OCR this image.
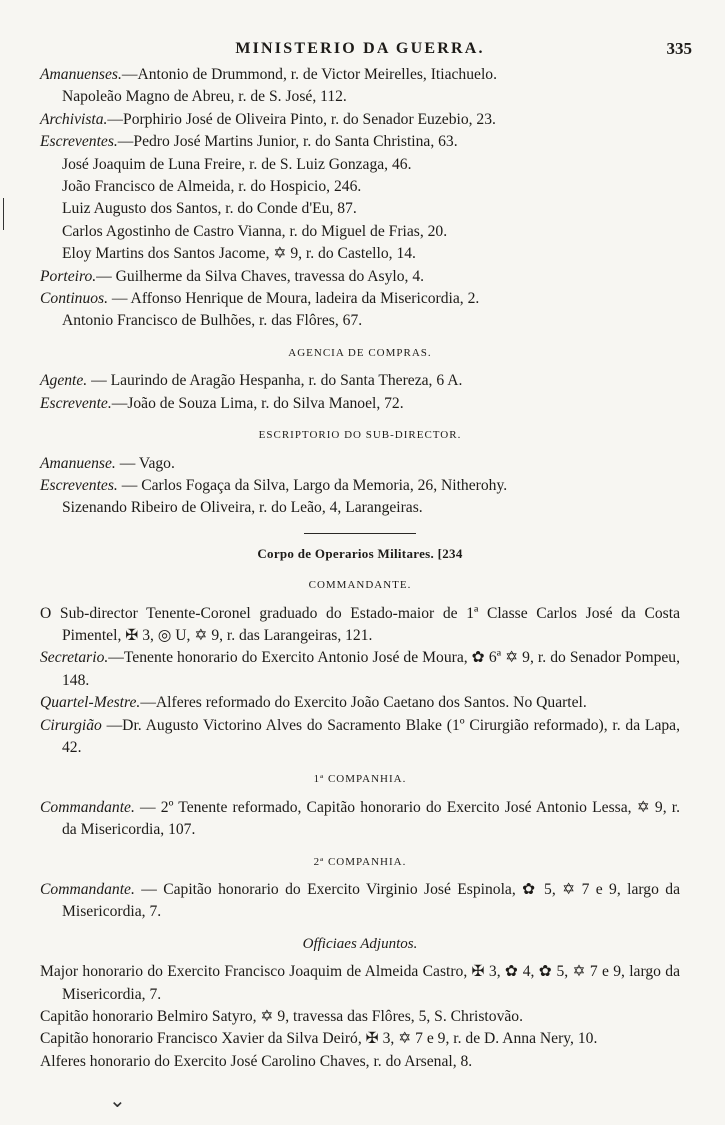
MINISTERIO DA GUERRA.	335
Amanuenses.—Antonio de Drummond, r. de Victor Meirelles, Itiachuelo.
Napoleão Magno de Abreu, r. de S. José, 112.
Archivista.—Porphirio José de Oliveira Pinto, r. do Senador Euzebio, 23.
Escreventes.—Pedro José Martins Junior, r. do Santa Christina, 63.
José Joaquim de Luna Freire, r. de S. Luiz Gonzaga, 46.
João Francisco de Almeida, r. do Hospicio, 246.
Luiz Augusto dos Santos, r. do Conde d'Eu, 87.
Carlos Agostinho de Castro Vianna, r. do Miguel de Frias, 20.
Eloy Martins dos Santos Jacome, ✡ 9, r. do Castello, 14.
Porteiro.— Guilherme da Silva Chaves, travessa do Asylo, 4.
Continuos. — Affonso Henrique de Moura, ladeira da Misericordia, 2.
Antonio Francisco de Bulhões, r. das Flôres, 67.
AGENCIA DE COMPRAS.
Agente. — Laurindo de Aragão Hespanha, r. do Santa Thereza, 6 A.
Escrevente.—João de Souza Lima, r. do Silva Manoel, 72.
ESCRIPTORIO DO SUB-DIRECTOR.
Amanuense. — Vago.
Escreventes. — Carlos Fogaça da Silva, Largo da Memoria, 26, Nitherohy.
Sizenando Ribeiro de Oliveira, r. do Leão, 4, Larangeiras.
Corpo de Operarios Militares. [234
COMMANDANTE.
O Sub-director Tenente-Coronel graduado do Estado-maior de 1ª Classe Carlos José da Costa Pimentel, ✠ 3, ◎ U, ✡ 9, r. das Larangeiras, 121.
Secretario.—Tenente honorario do Exercito Antonio José de Moura, ✿ 6ª ✡ 9, r. do Senador Pompeu, 148.
Quartel-Mestre.—Alferes reformado do Exercito João Caetano dos Santos. No Quartel.
Cirurgião —Dr. Augusto Victorino Alves do Sacramento Blake (1º Cirurgião reformado), r. da Lapa, 42.
1ª COMPANHIA.
Commandante. — 2º Tenente reformado, Capitão honorario do Exercito José Antonio Lessa, ✡ 9, r. da Misericordia, 107.
2ª COMPANHIA.
Commandante. — Capitão honorario do Exercito Virginio José Espinola, ✿ 5, ✡ 7 e 9, largo da Misericordia, 7.
Officiaes Adjuntos.
Major honorario do Exercito Francisco Joaquim de Almeida Castro, ✠ 3, ✿ 4, ✿ 5, ✡ 7 e 9, largo da Misericordia, 7.
Capitão honorario Belmiro Satyro, ✡ 9, travessa das Flôres, 5, S. Christovão.
Capitão honorario Francisco Xavier da Silva Deiró, ✠ 3, ✡ 7 e 9, r. de D. Anna Nery, 10.
Alferes honorario do Exercito José Carolino Chaves, r. do Arsenal, 8.
⌄
